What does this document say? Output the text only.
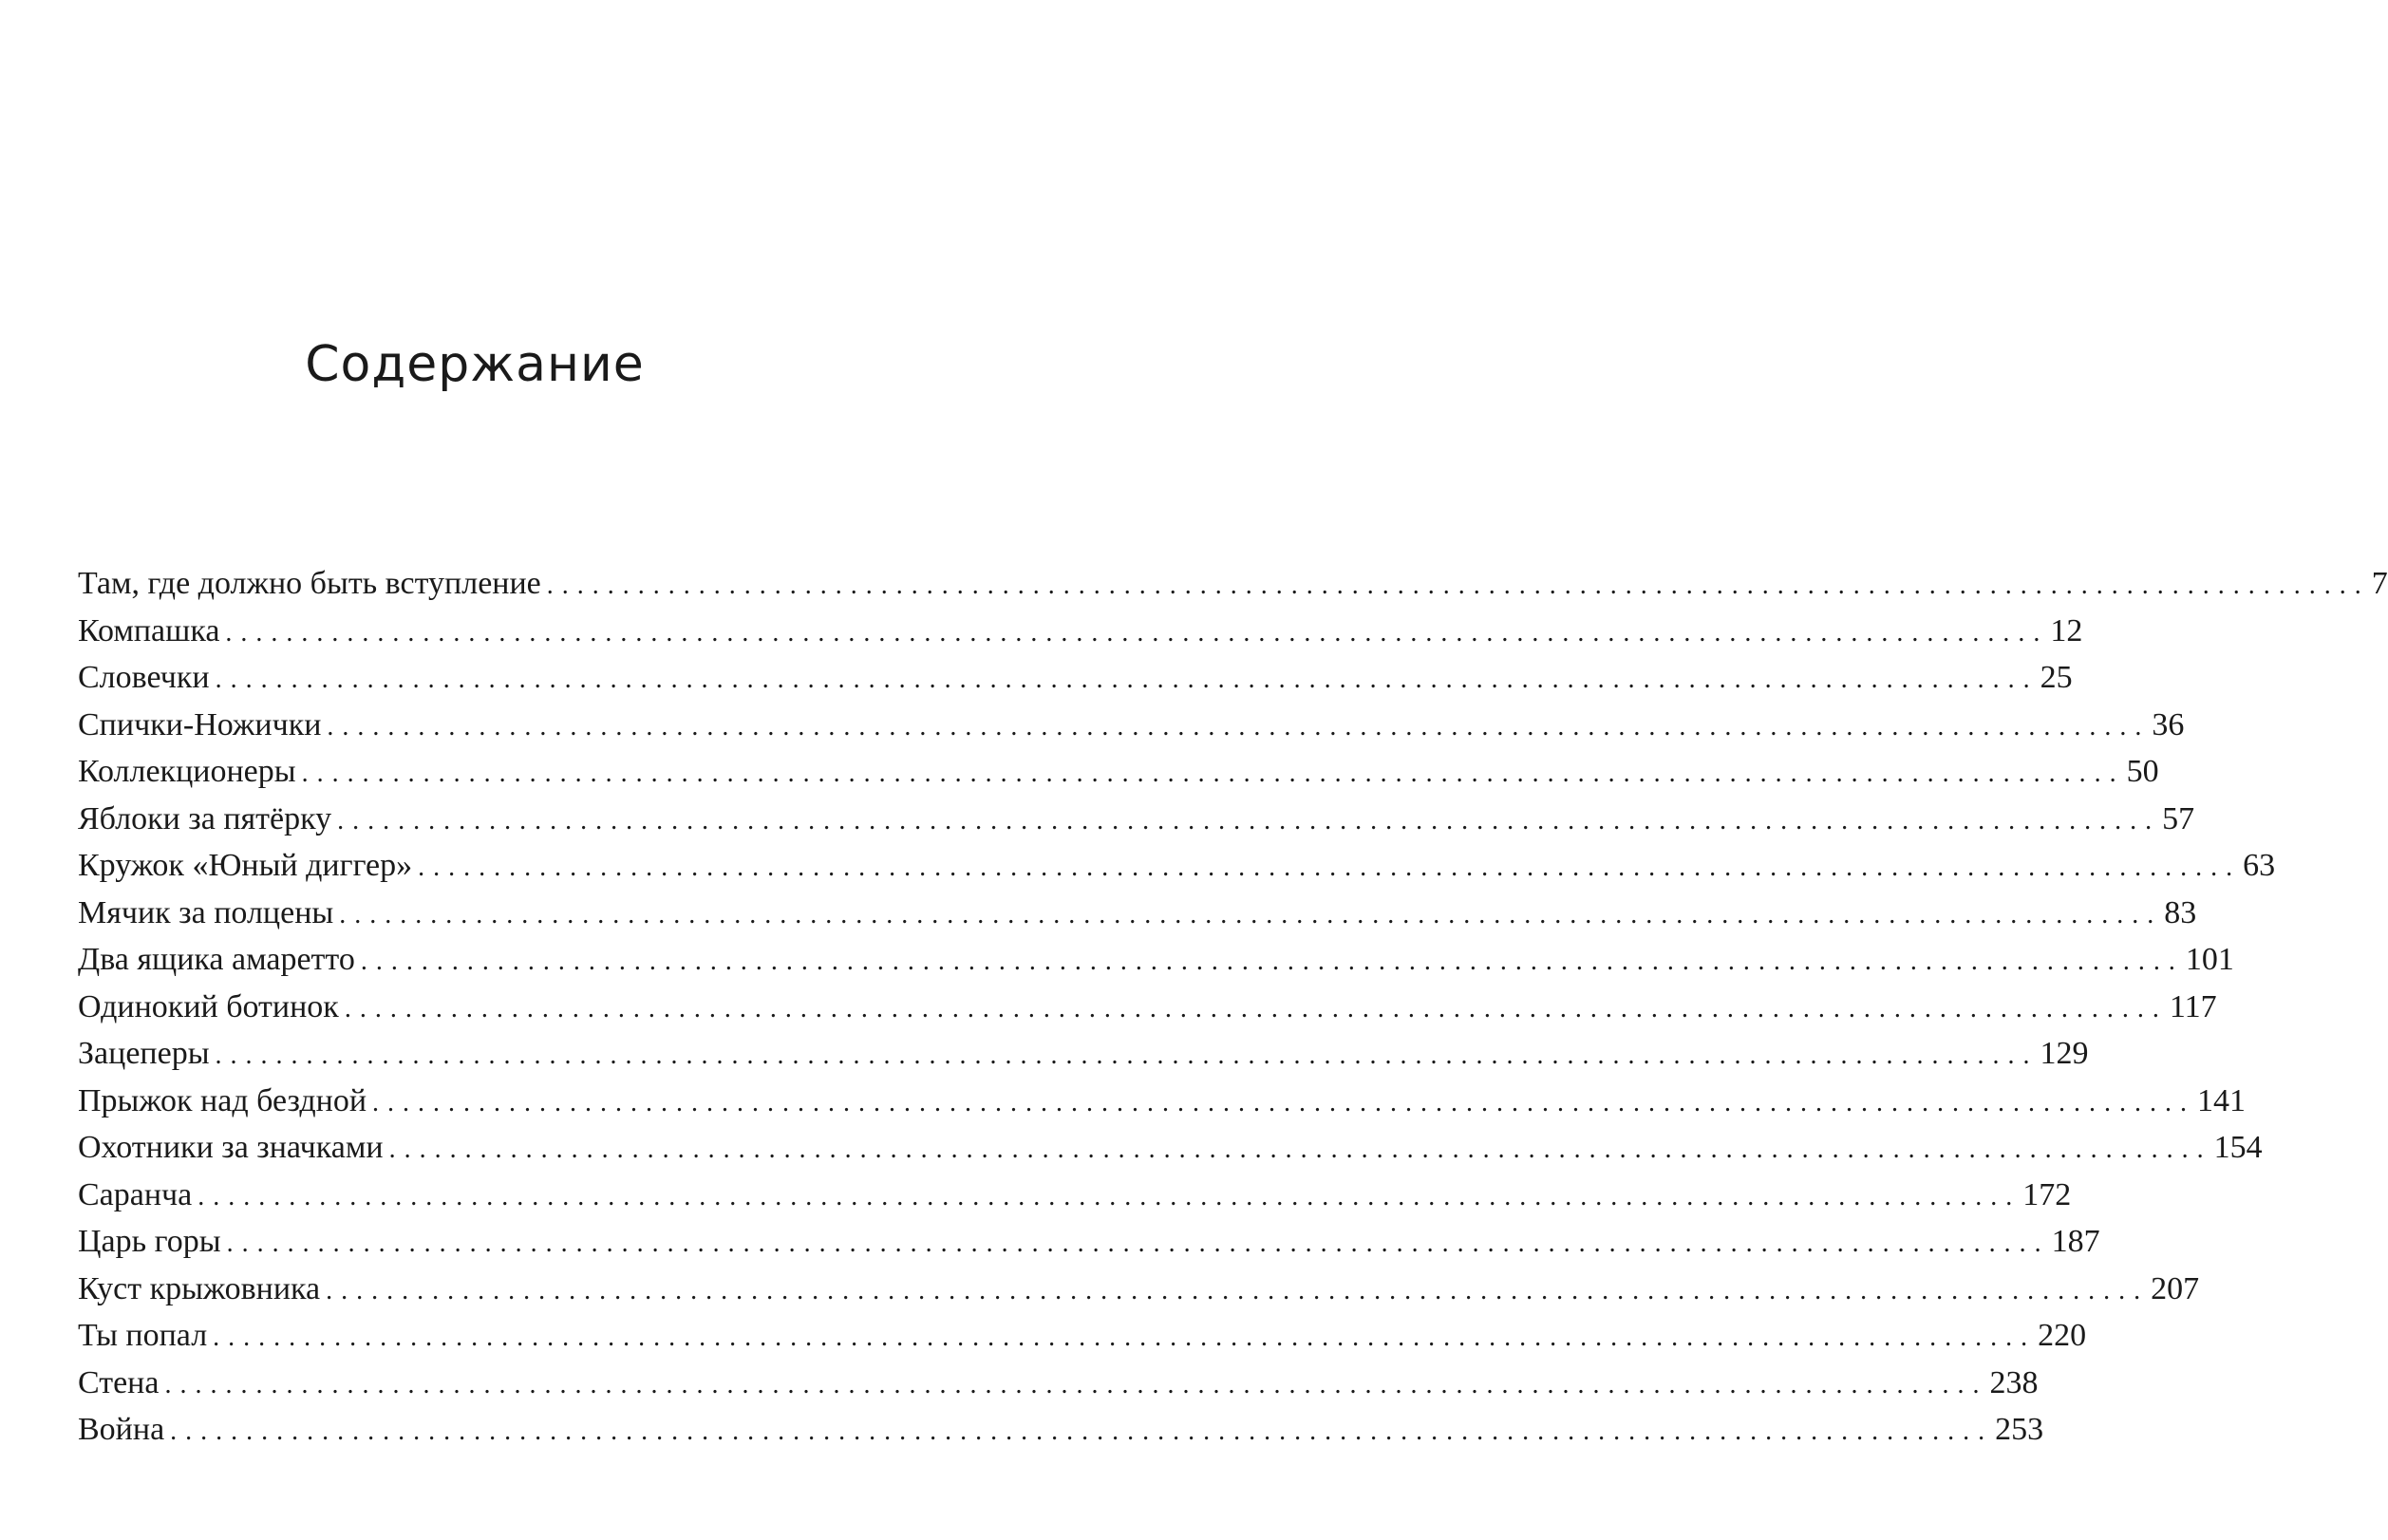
Содержание
Там, где должно быть вступление ........................................................................................................................ 7
Компашка ........................................................................................................................ 12
Словечки ........................................................................................................................ 25
Спички-Ножички ........................................................................................................................ 36
Коллекционеры ........................................................................................................................ 50
Яблоки за пятёрку ........................................................................................................................ 57
Кружок «Юный диггер» ........................................................................................................................ 63
Мячик за полцены ........................................................................................................................ 83
Два ящика амаретто ........................................................................................................................ 101
Одинокий ботинок ........................................................................................................................ 117
Зацеперы ........................................................................................................................ 129
Прыжок над бездной ........................................................................................................................ 141
Охотники за значками ........................................................................................................................ 154
Саранча ........................................................................................................................ 172
Царь горы ........................................................................................................................ 187
Куст крыжовника ........................................................................................................................ 207
Ты попал ........................................................................................................................ 220
Стена ........................................................................................................................ 238
Война ........................................................................................................................ 253
